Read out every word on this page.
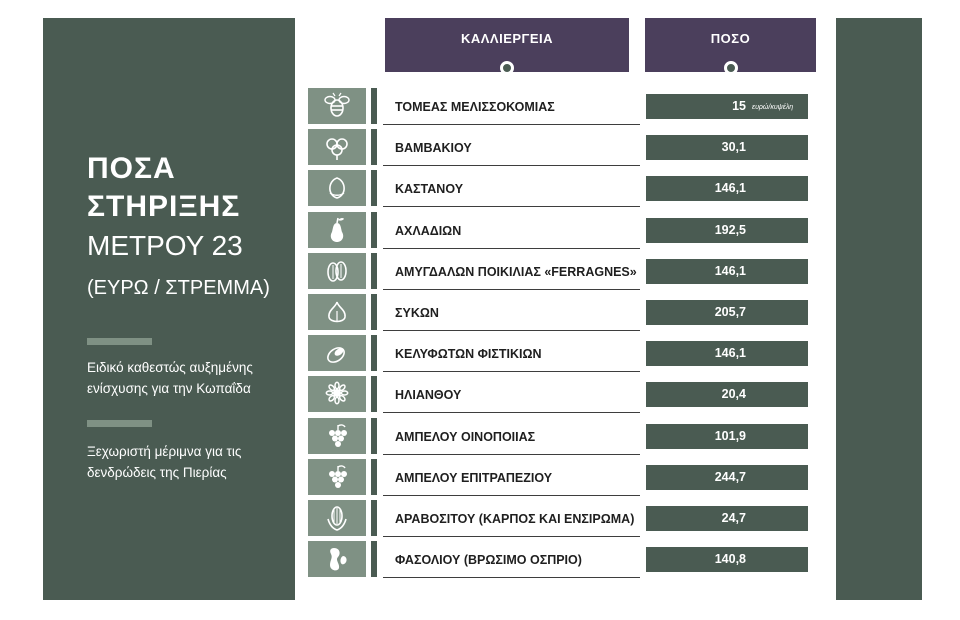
ΠΟΣΑ
ΣΤΗΡΙΞΗΣ
ΜΕΤΡΟΥ 23
(ΕΥΡΩ / ΣΤΡΕΜΜΑ)
Ειδικό καθεστώς αυξημένης ενίσχυσης για την Κωπαΐδα
Ξεχωριστή μέριμνα για τις δενδρώδεις της Πιερίας
ΚΑΛΛΙΕΡΓΕΙΑ	ΠΟΣΟ
ΤΟΜΕΑΣ ΜΕΛΙΣΣΟΚΟΜΙΑΣ	15 ευρώ/κυψέλη
ΒΑΜΒΑΚΙΟΥ	30,1
ΚΑΣΤΑΝΟΥ	146,1
ΑΧΛΑΔΙΩΝ	192,5
ΑΜΥΓΔΑΛΩΝ ΠΟΙΚΙΛΙΑΣ «FERRAGNES»	146,1
ΣΥΚΩΝ	205,7
ΚΕΛΥΦΩΤΩΝ ΦΙΣΤΙΚΙΩΝ	146,1
ΗΛΙΑΝΘΟΥ	20,4
ΑΜΠΕΛΟΥ ΟΙΝΟΠΟΙΙΑΣ	101,9
ΑΜΠΕΛΟΥ ΕΠΙΤΡΑΠΕΖΙΟΥ	244,7
ΑΡΑΒΟΣΙΤΟΥ (ΚΑΡΠΟΣ ΚΑΙ ΕΝΣΙΡΩΜΑ)	24,7
ΦΑΣΟΛΙΟΥ (ΒΡΩΣΙΜΟ ΟΣΠΡΙΟ)	140,8
